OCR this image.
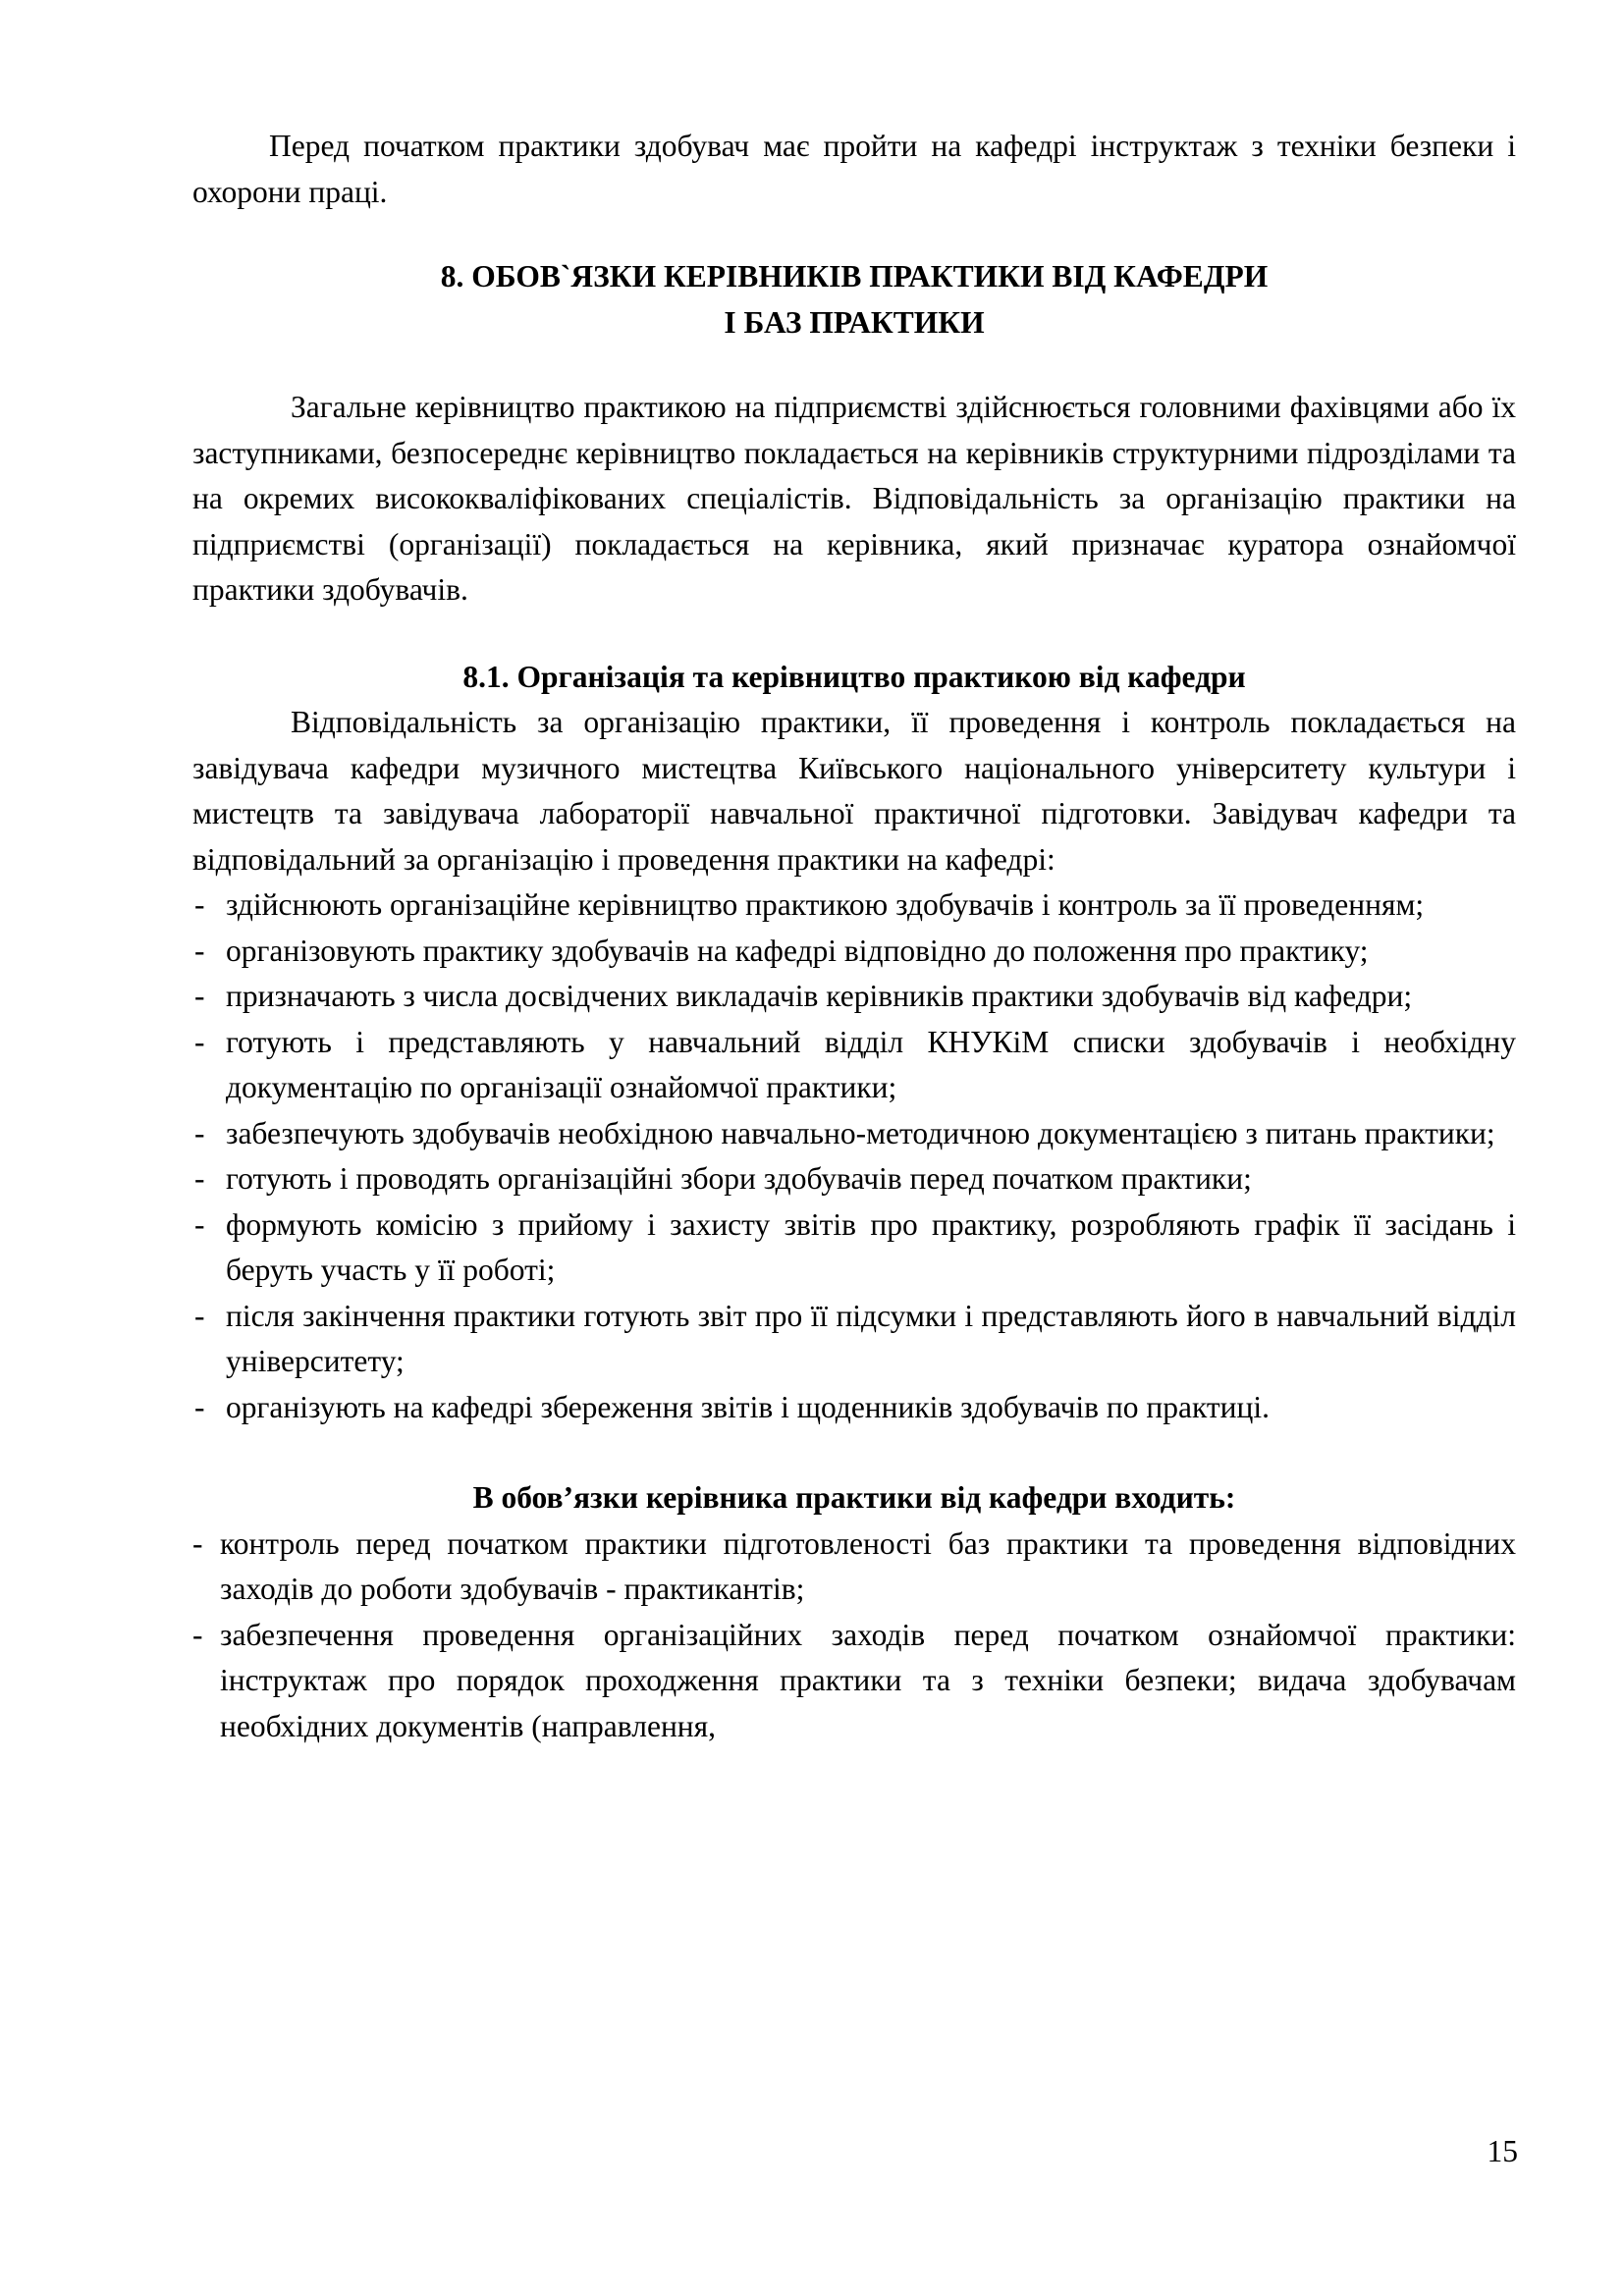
Перед початком практики здобувач має пройти на кафедрі інструктаж з техніки безпеки і охорони праці.

8. ОБОВ`ЯЗКИ КЕРІВНИКІВ ПРАКТИКИ ВІД КАФЕДРИ
І БАЗ ПРАКТИКИ

Загальне керівництво практикою на підприємстві здійснюється головними фахівцями або їх заступниками, безпосереднє керівництво покладається на керівників структурними підрозділами та на окремих висококваліфікованих спеціалістів. Відповідальність за організацію практики на підприємстві (організації) покладається на керівника, який призначає куратора ознайомчої практики здобувачів.

8.1. Організація та керівництво практикою від кафедри

Відповідальність за організацію практики, її проведення і контроль покладається на завідувача кафедри музичного мистецтва Київського національного університету культури і мистецтв та завідувача лабораторії навчальної практичної підготовки. Завідувач кафедри та відповідальний за організацію і проведення практики на кафедрі:

- здійснюють організаційне керівництво практикою здобувачів і контроль за її проведенням;
- організовують практику здобувачів на кафедрі відповідно до положення про практику;
- призначають з числа досвідчених викладачів керівників практики здобувачів від кафедри;
- готують і представляють у навчальний відділ КНУКіМ списки здобувачів і необхідну документацію по організації ознайомчої практики;
- забезпечують здобувачів необхідною навчально-методичною документацією з питань практики;
- готують і проводять організаційні збори здобувачів перед початком практики;
- формують комісію з прийому і захисту звітів про практику, розробляють графік її засідань і беруть участь у її роботі;
- після закінчення практики готують звіт про її підсумки і представляють його в навчальний відділ університету;
- організують на кафедрі збереження звітів і щоденників здобувачів по практиці.

В обов’язки керівника практики від кафедри входить:

- контроль перед початком практики підготовленості баз практики та проведення відповідних заходів до роботи здобувачів - практикантів;
- забезпечення проведення організаційних заходів перед початком ознайомчої практики: інструктаж про порядок проходження практики та з техніки безпеки; видача здобувачам необхідних документів (направлення,
15
